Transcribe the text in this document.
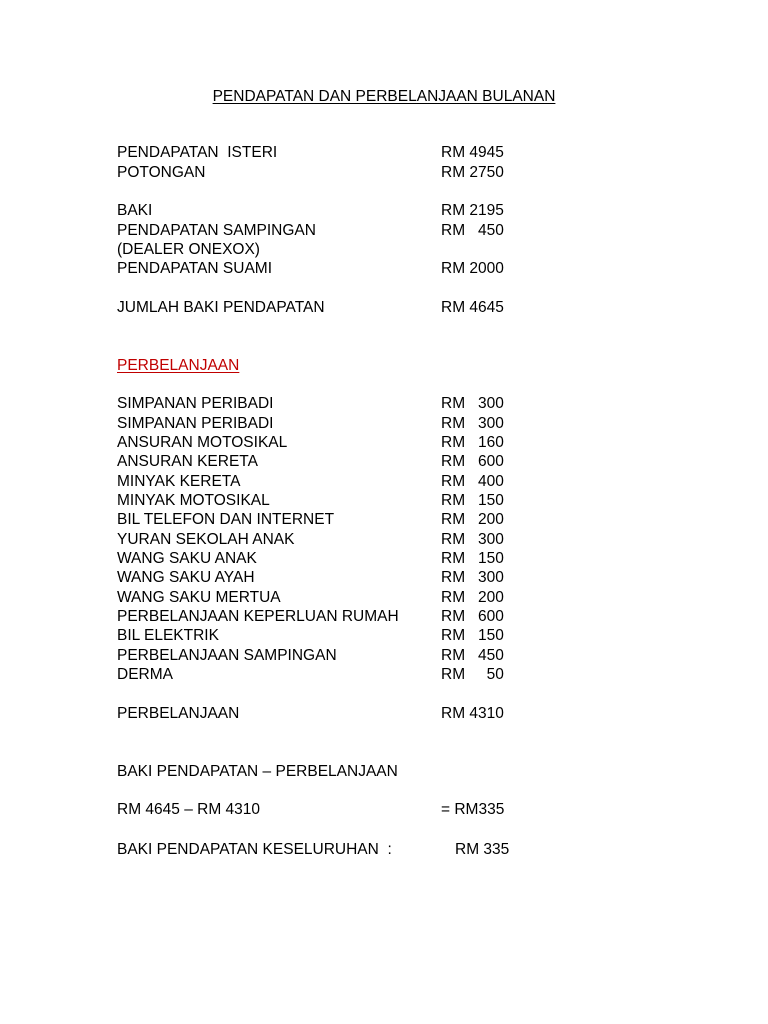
PENDAPATAN DAN PERBELANJAAN BULANAN
PENDAPATAN  ISTERI	RM 4945
POTONGAN	RM 2750
BAKI	RM 2195
PENDAPATAN SAMPINGAN	RM   450
(DEALER ONEXOX)
PENDAPATAN SUAMI	RM 2000
JUMLAH BAKI PENDAPATAN	RM 4645
PERBELANJAAN
SIMPANAN PERIBADI	RM   300
SIMPANAN PERIBADI	RM   300
ANSURAN MOTOSIKAL	RM   160
ANSURAN KERETA	RM   600
MINYAK KERETA	RM   400
MINYAK MOTOSIKAL	RM   150
BIL TELEFON DAN INTERNET	RM   200
YURAN SEKOLAH ANAK	RM   300
WANG SAKU ANAK	RM   150
WANG SAKU AYAH	RM   300
WANG SAKU MERTUA	RM   200
PERBELANJAAN KEPERLUAN RUMAH	RM   600
BIL ELEKTRIK	RM   150
PERBELANJAAN SAMPINGAN	RM   450
DERMA	RM     50
PERBELANJAAN	RM 4310
BAKI PENDAPATAN – PERBELANJAAN
RM 4645 – RM 4310	= RM335
BAKI PENDAPATAN KESELURUHAN  :	RM 335
